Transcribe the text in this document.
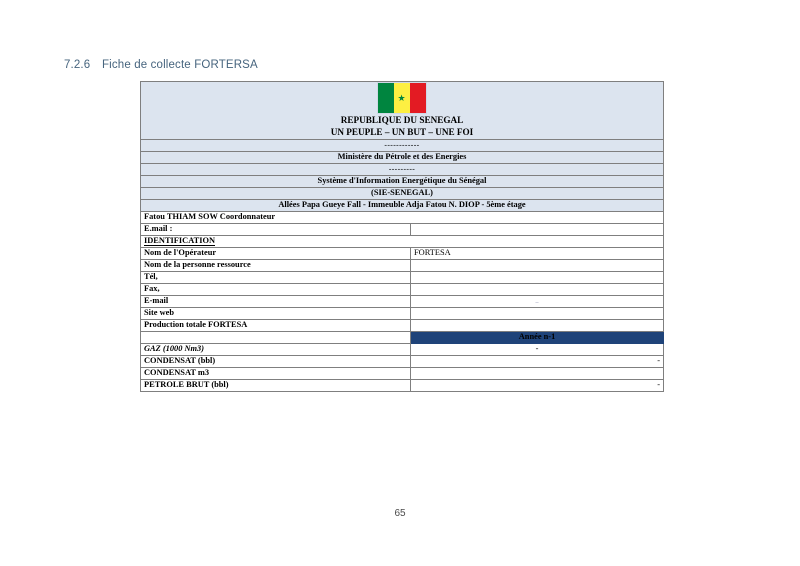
7.2.6 Fiche de collecte FORTERSA

REPUBLIQUE DU SENEGAL
UN PEUPLE – UN BUT – UNE FOI	

------------	
Ministère du Pétrole et des Energies	
---------	
Système d'Information Energétique du Sénégal	
(SIE-SENEGAL)	
Allées Papa Gueye Fall - Immeuble Adja Fatou N. DIOP - 5ème étage	
Fatou THIAM SOW Coordonnateur	
E.mail :	
IDENTIFICATION	
Nom de l'Opérateur	FORTESA
Nom de la personne ressource	
Tél,	
Fax,	
E-mail	_

Site web	
Production totale FORTESA	
	Année n-1
GAZ (1000 Nm3)	-
CONDENSAT (bbl)	-
CONDENSAT m3	
PETROLE BRUT (bbl)	-
65
